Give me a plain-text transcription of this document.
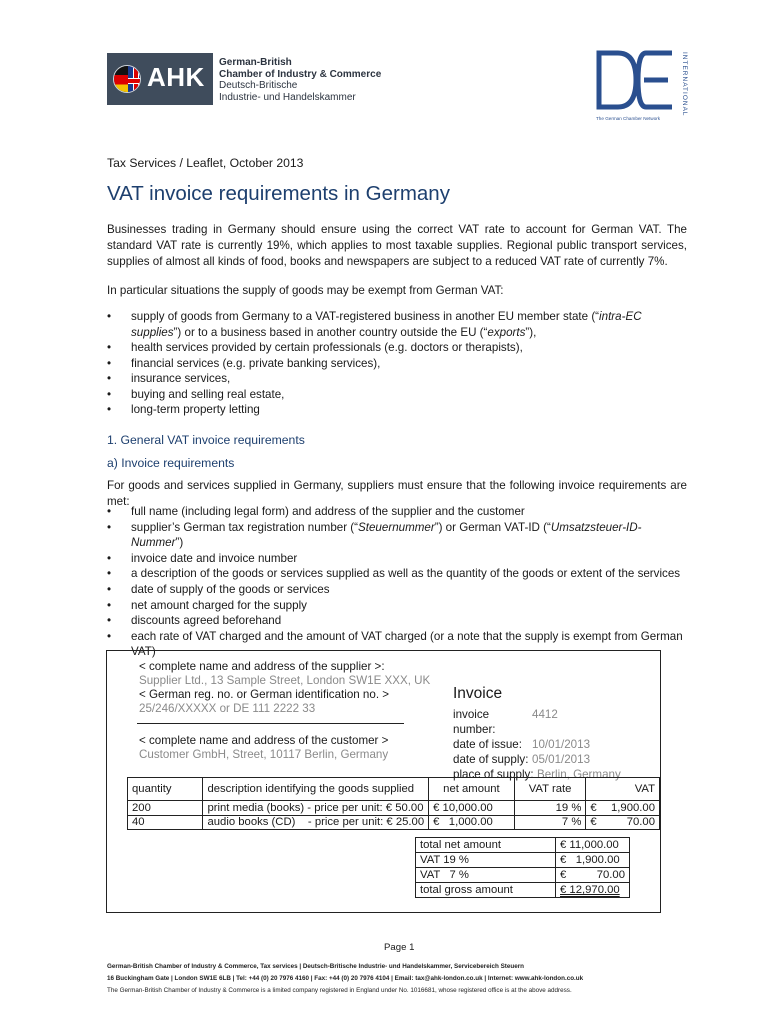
AHK German-British
Chamber of Industry & Commerce
Deutsch-Britische
Industrie- und Handelskammer	INTERNATIONAL
The German Chamber Network
Tax Services / Leaflet, October 2013
VAT invoice requirements in Germany

Businesses trading in Germany should ensure using the correct VAT rate to account for German VAT. The standard VAT rate is currently 19%, which applies to most taxable supplies. Regional public transport services, supplies of almost all kinds of food, books and newspapers are subject to a reduced VAT rate of currently 7%.

In particular situations the supply of goods may be exempt from German VAT:

• supply of goods from Germany to a VAT-registered business in another EU member state (“intra-EC supplies”) or to a business based in another country outside the EU (“exports”),
• health services provided by certain professionals (e.g. doctors or therapists),
• financial services (e.g. private banking services),
• insurance services,
• buying and selling real estate,
• long-term property letting
1. General VAT invoice requirements
a) Invoice requirements

For goods and services supplied in Germany, suppliers must ensure that the following invoice requirements are met:

• full name (including legal form) and address of the supplier and the customer
• supplier’s German tax registration number (“Steuernummer”) or German VAT-ID (“Umsatzsteuer-ID-Nummer”)
• invoice date and invoice number
• a description of the goods or services supplied as well as the quantity of the goods or extent of the services
• date of supply of the goods or services
• net amount charged for the supply
• discounts agreed beforehand
• each rate of VAT charged and the amount of VAT charged (or a note that the supply is exempt from German VAT)
< complete name and address of the supplier >:
Supplier Ltd., 13 Sample Street, London SW1E XXX, UK
< German reg. no. or German identification no. >
25/246/XXXXX or DE 111 2222 33
< complete name and address of the customer >
Customer GmbH, Street, 10117 Berlin, Germany
Invoice
invoice number:
4412
date of issue: 10/01/2013
date of supply: 05/01/2013
place of supply: Berlin, Germany
quantity	description identifying the goods supplied	net amount	VAT rate	VAT
200	print media (books) - price per unit: € 50.00	€ 10,000.00	19 %	€ 1,900.00

40	audio books (CD)    - price per unit: € 25.00	€   1,000.00	7 %	€ 70.00
total net amount	€ 11,000.00
VAT 19 %	€   1,900.00
VAT   7 %	€ 70.00

total gross amount	€ 12,970.00
Page 1
German-British Chamber of Industry & Commerce, Tax services | Deutsch-Britische Industrie- und Handelskammer, Servicebereich Steuern
16 Buckingham Gate | London SW1E 6LB | Tel: +44 (0) 20 7976 4160 | Fax: +44 (0) 20 7976 4104 | Email: tax@ahk-london.co.uk | Internet: www.ahk-london.co.uk
The German-British Chamber of Industry & Commerce is a limited company registered in England under No. 1016681, whose registered office is at the above address.
